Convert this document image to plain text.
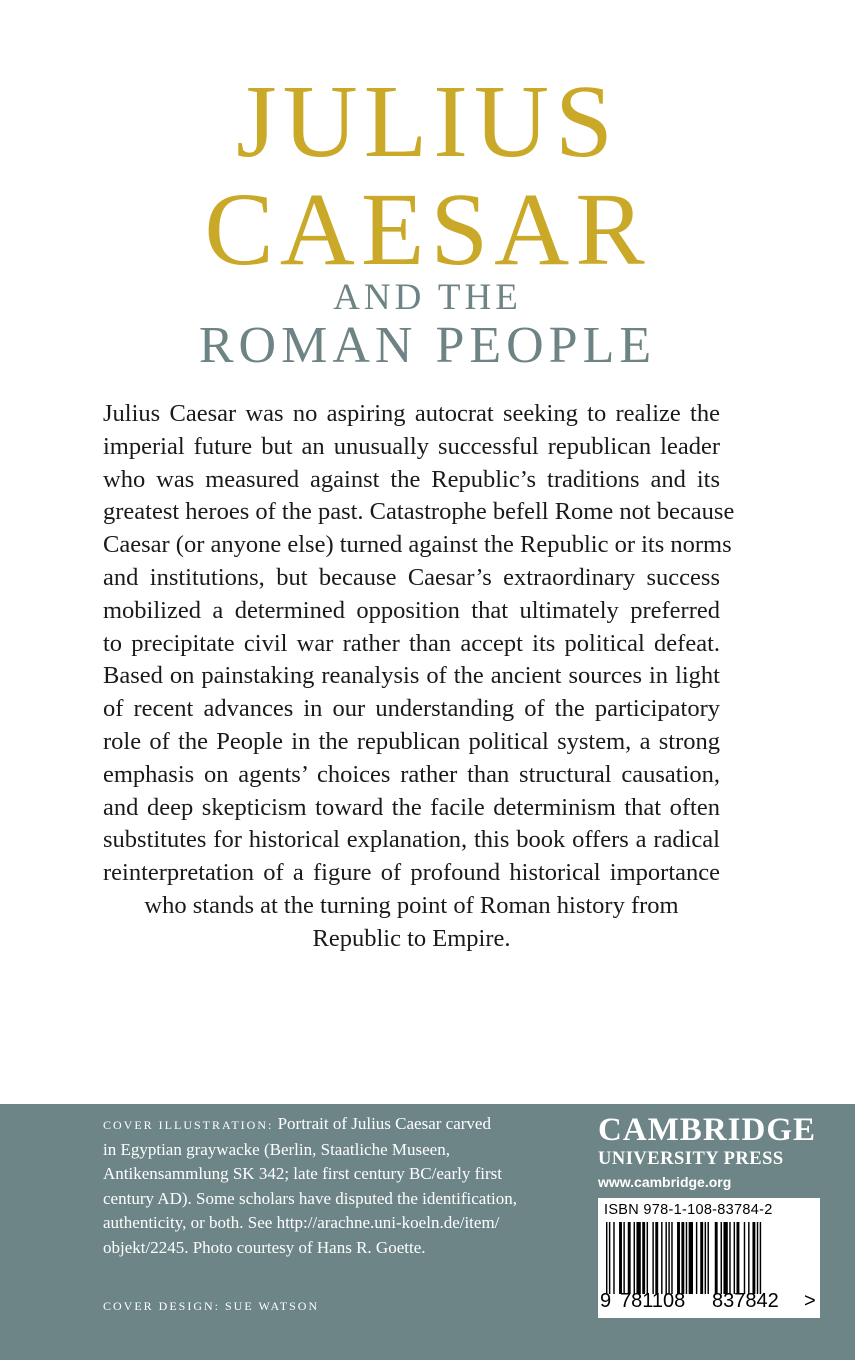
JULIUS
CAESAR
AND THE
ROMAN PEOPLE
Julius Caesar was no aspiring autocrat seeking to realize the
imperial future but an unusually successful republican leader
who was measured against the Republic’s traditions and its
greatest heroes of the past. Catastrophe befell Rome not because
Caesar (or anyone else) turned against the Republic or its norms
and institutions, but because Caesar’s extraordinary success
mobilized a determined opposition that ultimately preferred
to precipitate civil war rather than accept its political defeat.
Based on painstaking reanalysis of the ancient sources in light
of recent advances in our understanding of the participatory
role of the People in the republican political system, a strong
emphasis on agents’ choices rather than structural causation,
and deep skepticism toward the facile determinism that often
substitutes for historical explanation, this book offers a radical
reinterpretation of a figure of profound historical importance
who stands at the turning point of Roman history from
Republic to Empire.
COVER ILLUSTRATION: Portrait of Julius Caesar carved
in Egyptian graywacke (Berlin, Staatliche Museen,
Antikensammlung SK 342; late first century BC/early first
century AD). Some scholars have disputed the identification,
authenticity, or both. See http://arachne.uni-koeln.de/item/
objekt/2245. Photo courtesy of Hans R. Goette.
COVER DESIGN: SUE WATSON
CAMBRIDGE
UNIVERSITY PRESS
www.cambridge.org
ISBN 978-1-108-83784-2
9 781108 837842 >
